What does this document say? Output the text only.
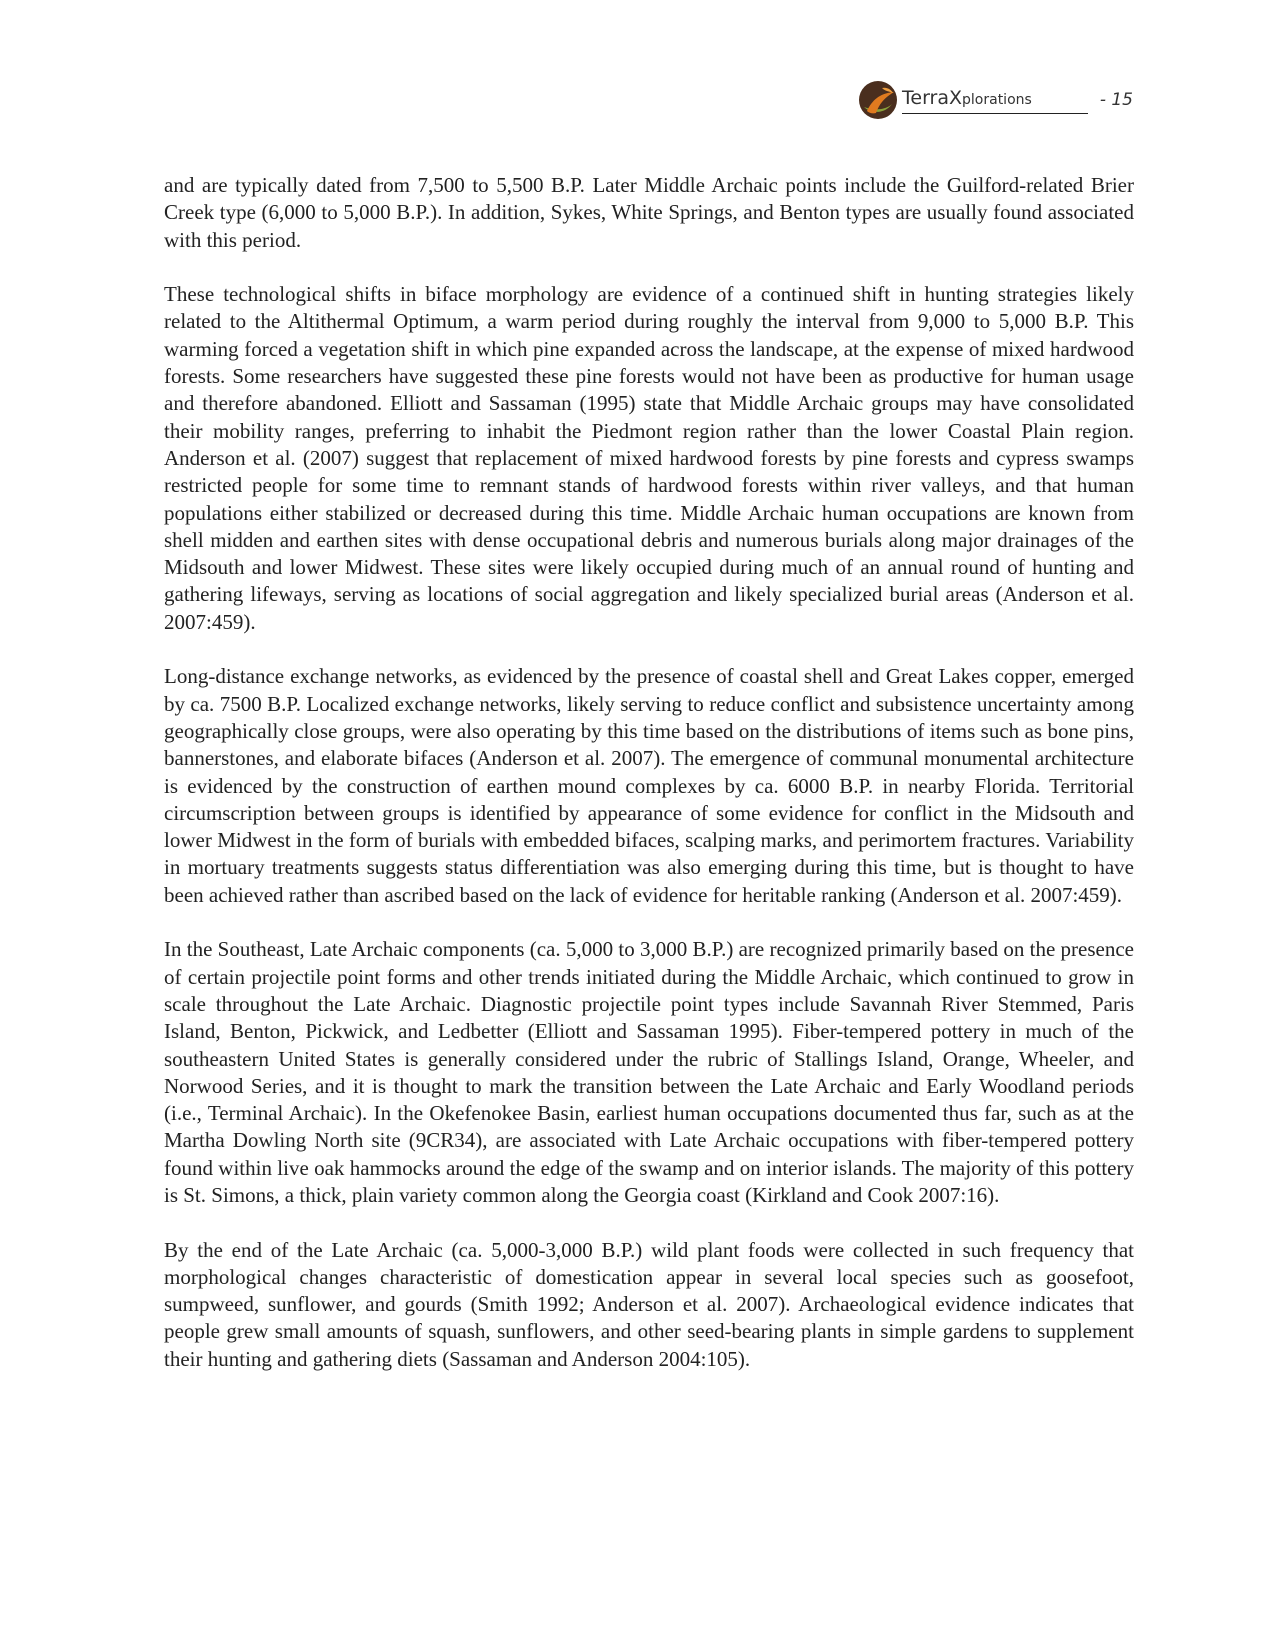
TerraXplorations	- 15

and are typically dated from 7,500 to 5,500 B.P. Later Middle Archaic points include the Guilford-related Brier Creek type (6,000 to 5,000 B.P.). In addition, Sykes, White Springs, and Benton types are usually found associated with this period.

These technological shifts in biface morphology are evidence of a continued shift in hunting strategies likely related to the Altithermal Optimum, a warm period during roughly the interval from 9,000 to 5,000 B.P. This warming forced a vegetation shift in which pine expanded across the landscape, at the expense of mixed hardwood forests. Some researchers have suggested these pine forests would not have been as productive for human usage and therefore abandoned. Elliott and Sassaman (1995) state that Middle Archaic groups may have consolidated their mobility ranges, preferring to inhabit the Piedmont region rather than the lower Coastal Plain region. Anderson et al. (2007) suggest that replacement of mixed hardwood forests by pine forests and cypress swamps restricted people for some time to remnant stands of hardwood forests within river valleys, and that human populations either stabilized or decreased during this time. Middle Archaic human occupations are known from shell midden and earthen sites with dense occupational debris and numerous burials along major drainages of the Midsouth and lower Midwest. These sites were likely occupied during much of an annual round of hunting and gathering lifeways, serving as locations of social aggregation and likely specialized burial areas (Anderson et al. 2007:459).

Long-distance exchange networks, as evidenced by the presence of coastal shell and Great Lakes copper, emerged by ca. 7500 B.P. Localized exchange networks, likely serving to reduce conflict and subsistence uncertainty among geographically close groups, were also operating by this time based on the distributions of items such as bone pins, bannerstones, and elaborate bifaces (Anderson et al. 2007). The emergence of communal monumental architecture is evidenced by the construction of earthen mound complexes by ca. 6000 B.P. in nearby Florida. Territorial circumscription between groups is identified by appearance of some evidence for conflict in the Midsouth and lower Midwest in the form of burials with embedded bifaces, scalping marks, and perimortem fractures. Variability in mortuary treatments suggests status differentiation was also emerging during this time, but is thought to have been achieved rather than ascribed based on the lack of evidence for heritable ranking (Anderson et al. 2007:459).

In the Southeast, Late Archaic components (ca. 5,000 to 3,000 B.P.) are recognized primarily based on the presence of certain projectile point forms and other trends initiated during the Middle Archaic, which continued to grow in scale throughout the Late Archaic. Diagnostic projectile point types include Savannah River Stemmed, Paris Island, Benton, Pickwick, and Ledbetter (Elliott and Sassaman 1995). Fiber-tempered pottery in much of the southeastern United States is generally considered under the rubric of Stallings Island, Orange, Wheeler, and Norwood Series, and it is thought to mark the transition between the Late Archaic and Early Woodland periods (i.e., Terminal Archaic). In the Okefenokee Basin, earliest human occupations documented thus far, such as at the Martha Dowling North site (9CR34), are associated with Late Archaic occupations with fiber-tempered pottery found within live oak hammocks around the edge of the swamp and on interior islands. The majority of this pottery is St. Simons, a thick, plain variety common along the Georgia coast (Kirkland and Cook 2007:16).

By the end of the Late Archaic (ca. 5,000-3,000 B.P.) wild plant foods were collected in such frequency that morphological changes characteristic of domestication appear in several local species such as goosefoot, sumpweed, sunflower, and gourds (Smith 1992; Anderson et al. 2007). Archaeological evidence indicates that people grew small amounts of squash, sunflowers, and other seed-bearing plants in simple gardens to supplement their hunting and gathering diets (Sassaman and Anderson 2004:105).
